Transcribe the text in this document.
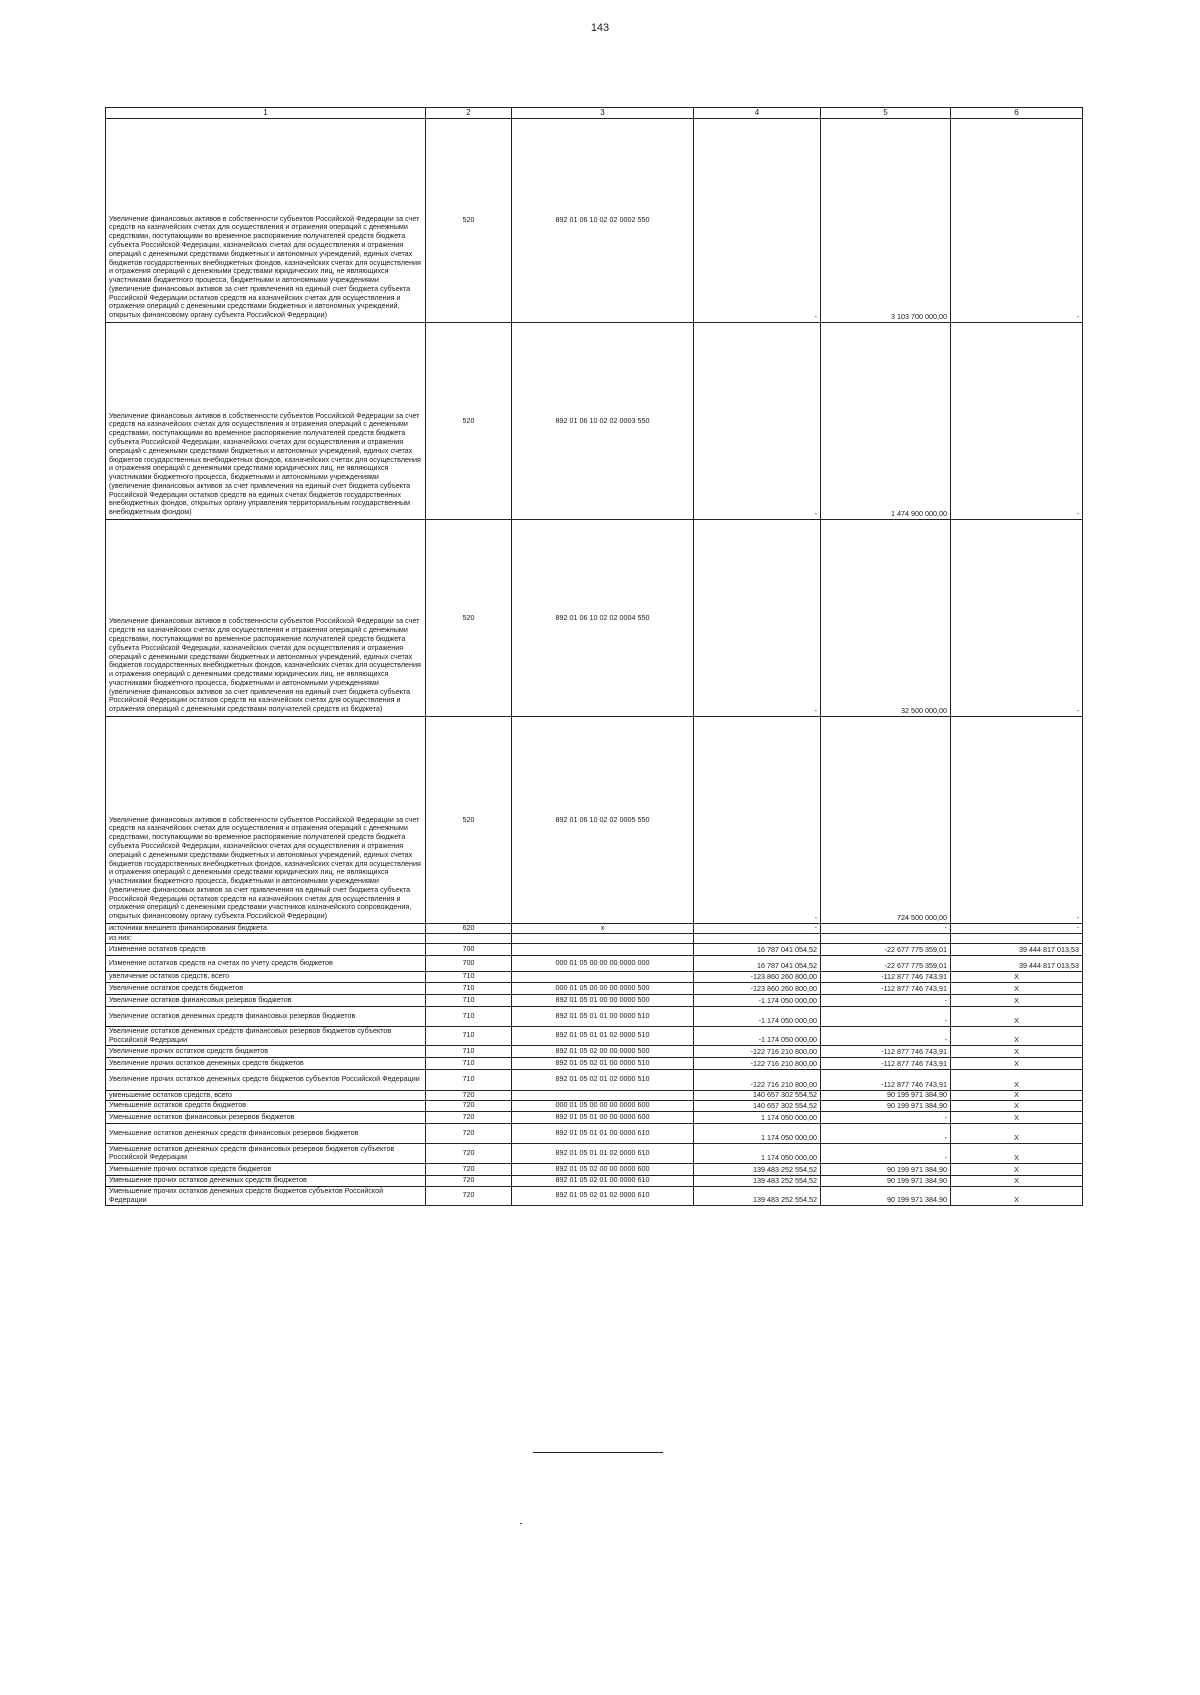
143
1	2	3	4	5	6
Увеличение финансовых активов в собственности субъектов Российской Федерации за счет средств на казначейских счетах для осуществления и отражения операций с денежными средствами, поступающими во временное распоряжение получателей средств бюджета субъекта Российской Федерации, казначейских счетах для осуществления и отражения операций с денежными средствами бюджетных и автономных учреждений, единых счетах бюджетов государственных внебюджетных фондов, казначейских счетах для осуществления и отражения операций с денежными средствами юридических лиц, не являющихся участниками бюджетного процесса, бюджетными и автономными учреждениями (увеличение финансовых активов за счет привлечения на единый счет бюджета субъекта Российской Федерации остатков средств на казначейских счетах для осуществления и отражения операций с денежными средствами бюджетных и автономных учреждений, открытых финансовому органу субъекта Российской Федерации)	520	892 01 06 10 02 02 0002 550	-	3 103 700 000,00	-
Увеличение финансовых активов в собственности субъектов Российской Федерации за счет средств на казначейских счетах для осуществления и отражения операций с денежными средствами, поступающими во временное распоряжение получателей средств бюджета субъекта Российской Федерации, казначейских счетах для осуществления и отражения операций с денежными средствами бюджетных и автономных учреждений, единых счетах бюджетов государственных внебюджетных фондов, казначейских счетах для осуществления и отражения операций с денежными средствами юридических лиц, не являющихся участниками бюджетного процесса, бюджетными и автономными учреждениями (увеличение финансовых активов за счет привлечения на единый счет бюджета субъекта Российской Федерации остатков средств на единых счетах бюджетов государственных внебюджетных фондов, открытых органу управления территориальным государственным внебюджетным фондом)	520	892 01 06 10 02 02 0003 550	-	1 474 900 000,00	-
Увеличение финансовых активов в собственности субъектов Российской Федерации за счет средств на казначейских счетах для осуществления и отражения операций с денежными средствами, поступающими во временное распоряжение получателей средств бюджета субъекта Российской Федерации, казначейских счетах для осуществления и отражения операций с денежными средствами бюджетных и автономных учреждений, единых счетах бюджетов государственных внебюджетных фондов, казначейских счетах для осуществления и отражения операций с денежными средствами юридических лиц, не являющихся участниками бюджетного процесса, бюджетными и автономными учреждениями (увеличение финансовых активов за счет привлечения на единый счет бюджета субъекта Российской Федерации остатков средств на казначейских счетах для осуществления и отражения операций с денежными средствами получателей средств из бюджета)	520	892 01 06 10 02 02 0004 550	-	32 500 000,00	-
Увеличение финансовых активов в собственности субъектов Российской Федерации за счет средств на казначейских счетах для осуществления и отражения операций с денежными средствами, поступающими во временное распоряжение получателей средств бюджета субъекта Российской Федерации, казначейских счетах для осуществления и отражения операций с денежными средствами бюджетных и автономных учреждений, единых счетах бюджетов государственных внебюджетных фондов, казначейских счетах для осуществления и отражения операций с денежными средствами юридических лиц, не являющихся участниками бюджетного процесса, бюджетными и автономными учреждениями (увеличение финансовых активов за счет привлечения на единый счет бюджета субъекта Российской Федерации остатков средств на казначейских счетах для осуществления и отражения операций с денежными средствами участников казначейского сопровождения, открытых финансовому органу субъекта Российской Федерации)	520	892 01 06 10 02 02 0005 550	-	724 500 000,00	-
источники внешнего финансирования бюджета	620	x	-	-	-
из них:					
Изменение остатков средств	700		16 787 041 054,52	-22 677 775 359,01	39 444 817 013,53
Изменение остатков средств на счетах по учету средств бюджетов	700	000 01 05 00 00 00 0000 000	16 787 041 054,52	-22 677 775 359,01	39 444 817 013,53
увеличение остатков средств, всего	710		-123 860 260 800,00	-112 877 746 743,91	X
Увеличение остатков средств бюджетов	710	000 01 05 00 00 00 0000 500	-123 860 260 800,00	-112 877 746 743,91	X
Увеличение остатков финансовых резервов бюджетов	710	892 01 05 01 00 00 0000 500	-1 174 050 000,00	-	X
Увеличение остатков денежных средств финансовых резервов бюджетов	710	892 01 05 01 01 00 0000 510	-1 174 050 000,00	-	X
Увеличение остатков денежных средств финансовых резервов бюджетов субъектов Российской Федерации	710	892 01 05 01 01 02 0000 510	-1 174 050 000,00	-	X
Увеличение прочих остатков средств бюджетов	710	892 01 05 02 00 00 0000 500	-122 716 210 800,00	-112 877 746 743,91	X
Увеличение прочих остатков денежных средств бюджетов	710	892 01 05 02 01 00 0000 510	-122 716 210 800,00	-112 877 746 743,91	X
Увеличение прочих остатков денежных средств бюджетов субъектов Российской Федерации	710	892 01 05 02 01 02 0000 510	-122 716 210 800,00	-112 877 746 743,91	X
уменьшение остатков средств, всего	720		140 657 302 554,52	90 199 971 384,90	X
Уменьшение остатков средств бюджетов	720	000 01 05 00 00 00 0000 600	140 657 302 554,52	90 199 971 384,90	X
Уменьшение остатков финансовых резервов бюджетов	720	892 01 05 01 00 00 0000 600	1 174 050 000,00	-	X
Уменьшение остатков денежных средств финансовых резервов бюджетов	720	892 01 05 01 01 00 0000 610	1 174 050 000,00	-	X
Уменьшение остатков денежных средств финансовых резервов бюджетов субъектов Российской Федерации	720	892 01 05 01 01 02 0000 610	1 174 050 000,00	-	X
Уменьшение прочих остатков средств бюджетов	720	892 01 05 02 00 00 0000 600	139 483 252 554,52	90 199 971 384,90	X
Уменьшение прочих остатков денежных средств бюджетов	720	892 01 05 02 01 00 0000 610	139 483 252 554,52	90 199 971 384,90	X
Уменьшение прочих остатков денежных средств бюджетов субъектов Российской Федерации	720	892 01 05 02 01 02 0000 610	139 483 252 554,52	90 199 971 384,90	X
